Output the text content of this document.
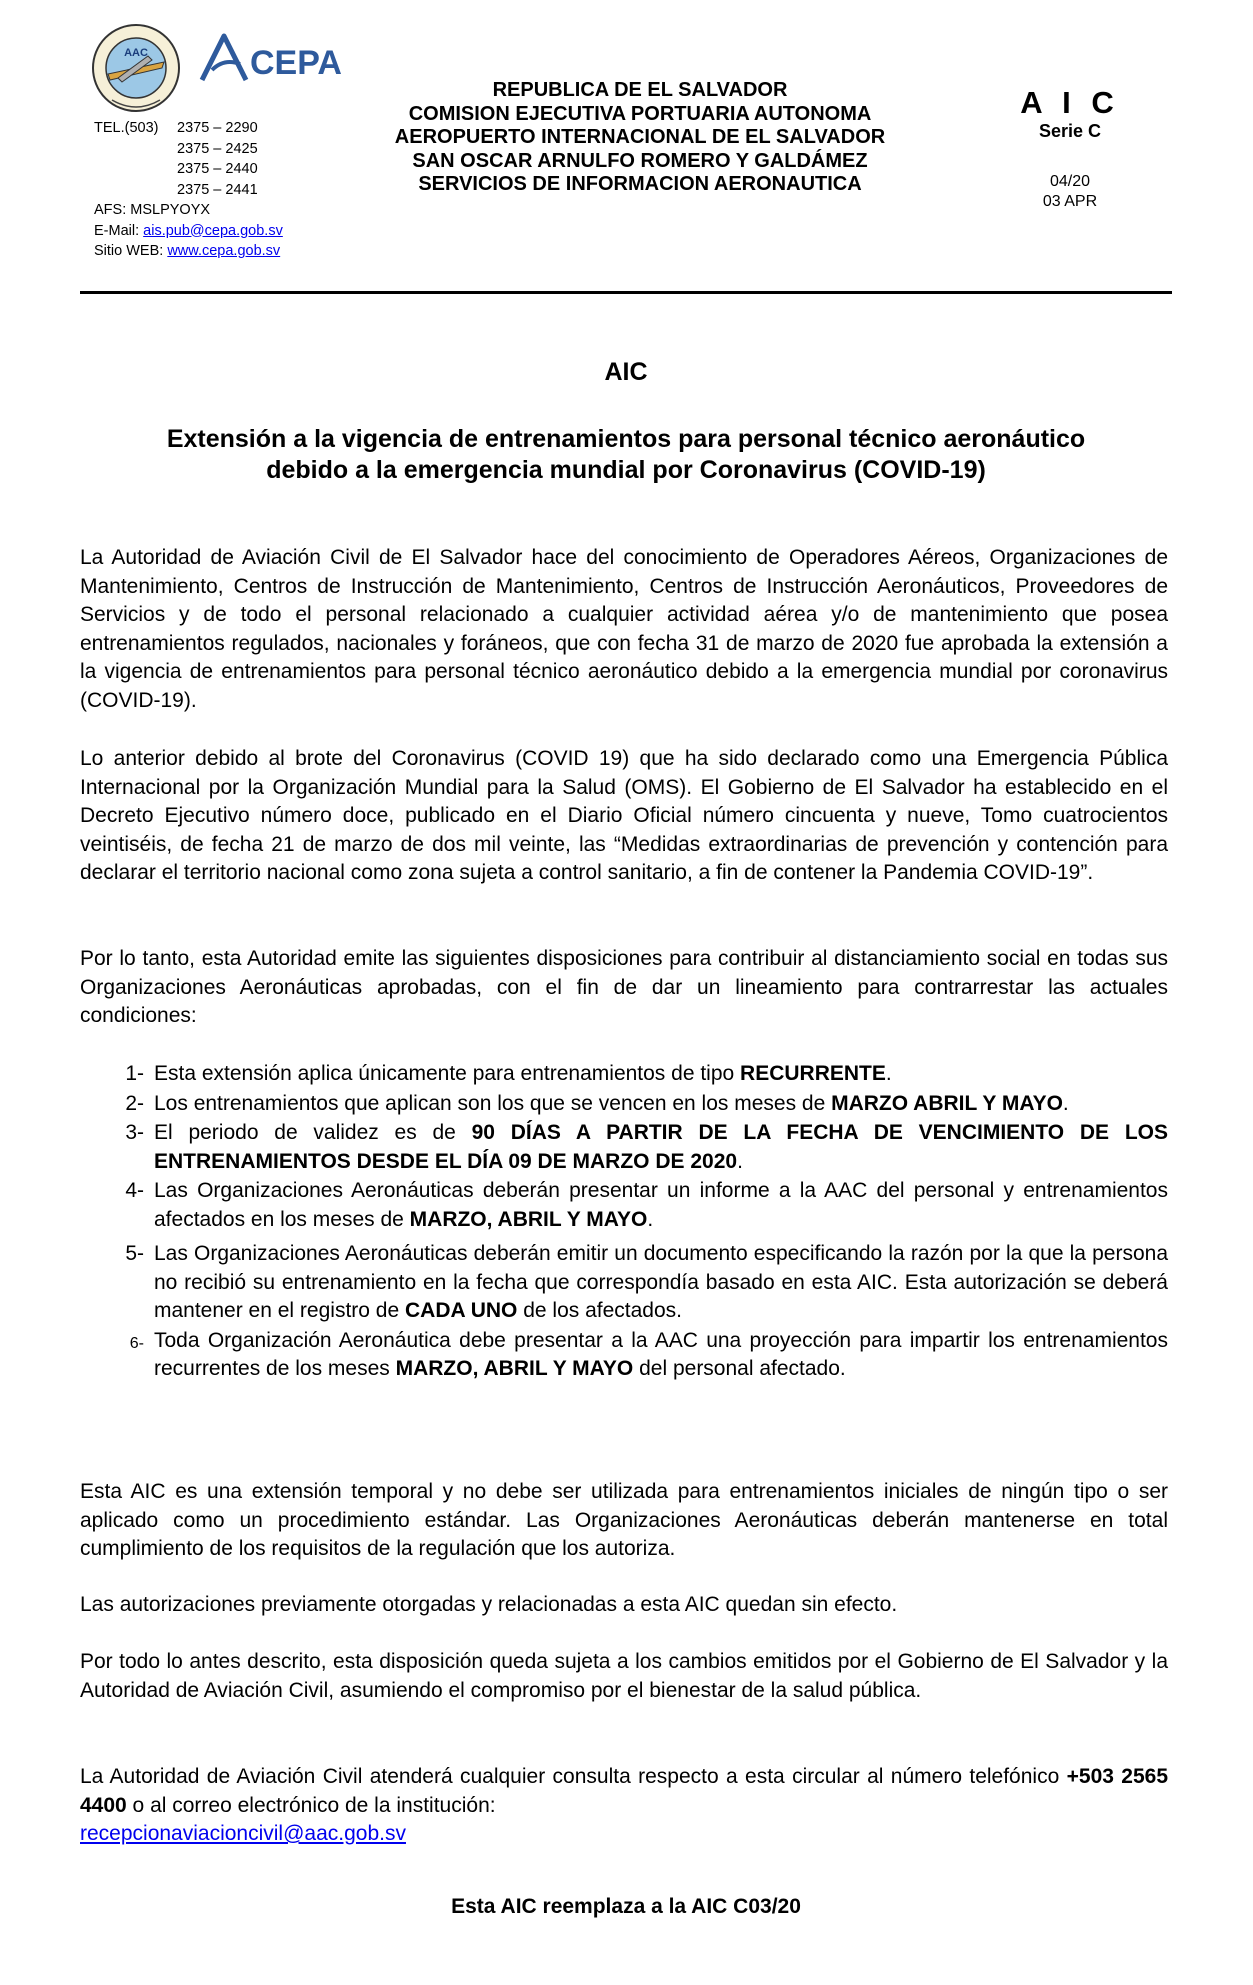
AAC	CEPA
TEL.(503)	2375 – 2290
2375 – 2425
2375 – 2440
2375 – 2441
AFS: MSLPYOYX
E-Mail: ais.pub@cepa.gob.sv
Sitio WEB: www.cepa.gob.sv
REPUBLICA DE EL SALVADOR
COMISION EJECUTIVA PORTUARIA AUTONOMA
AEROPUERTO INTERNACIONAL DE EL SALVADOR
SAN OSCAR ARNULFO ROMERO Y GALDÁMEZ
SERVICIOS DE INFORMACION AERONAUTICA
A I C
Serie C
04/20
03 APR
AIC
Extensión a la vigencia de entrenamientos para personal técnico aeronáutico
debido a la emergencia mundial por Coronavirus (COVID-19)
La Autoridad de Aviación Civil de El Salvador hace del conocimiento de Operadores Aéreos, Organizaciones de Mantenimiento, Centros de Instrucción de Mantenimiento, Centros de Instrucción Aeronáuticos, Proveedores de Servicios y de todo el personal relacionado a cualquier actividad aérea y/o de mantenimiento que posea entrenamientos regulados, nacionales y foráneos, que con fecha 31 de marzo de 2020 fue aprobada la extensión a la vigencia de entrenamientos para personal técnico aeronáutico debido a la emergencia mundial por coronavirus (COVID-19).
Lo anterior debido al brote del Coronavirus (COVID 19) que ha sido declarado como una Emergencia Pública Internacional por la Organización Mundial para la Salud (OMS). El Gobierno de El Salvador ha establecido en el Decreto Ejecutivo número doce, publicado en el Diario Oficial número cincuenta y nueve, Tomo cuatrocientos veintiséis, de fecha 21 de marzo de dos mil veinte, las “Medidas extraordinarias de prevención y contención para declarar el territorio nacional como zona sujeta a control sanitario, a fin de contener la Pandemia COVID-19”.
Por lo tanto, esta Autoridad emite las siguientes disposiciones para contribuir al distanciamiento social en todas sus Organizaciones Aeronáuticas aprobadas, con el fin de dar un lineamiento para contrarrestar las actuales condiciones:
1- Esta extensión aplica únicamente para entrenamientos de tipo RECURRENTE.
2- Los entrenamientos que aplican son los que se vencen en los meses de MARZO ABRIL Y MAYO.
3- El periodo de validez es de 90 DÍAS A PARTIR DE LA FECHA DE VENCIMIENTO DE LOS ENTRENAMIENTOS DESDE EL DÍA 09 DE MARZO DE 2020.
4- Las Organizaciones Aeronáuticas deberán presentar un informe a la AAC del personal y entrenamientos afectados en los meses de MARZO, ABRIL Y MAYO.
5- Las Organizaciones Aeronáuticas deberán emitir un documento especificando la razón por la que la persona no recibió su entrenamiento en la fecha que correspondía basado en esta AIC. Esta autorización se deberá mantener en el registro de CADA UNO de los afectados.
6- Toda Organización Aeronáutica debe presentar a la AAC una proyección para impartir los entrenamientos recurrentes de los meses MARZO, ABRIL Y MAYO del personal afectado.
Esta AIC es una extensión temporal y no debe ser utilizada para entrenamientos iniciales de ningún tipo o ser aplicado como un procedimiento estándar. Las Organizaciones Aeronáuticas deberán mantenerse en total cumplimiento de los requisitos de la regulación que los autoriza.
Las autorizaciones previamente otorgadas y relacionadas a esta AIC quedan sin efecto.
Por todo lo antes descrito, esta disposición queda sujeta a los cambios emitidos por el Gobierno de El Salvador y la Autoridad de Aviación Civil, asumiendo el compromiso por el bienestar de la salud pública.
La Autoridad de Aviación Civil atenderá cualquier consulta respecto a esta circular al número telefónico +503 2565 4400 o al correo electrónico de la institución:
recepcionaviacioncivil@aac.gob.sv
Esta AIC reemplaza a la AIC C03/20
